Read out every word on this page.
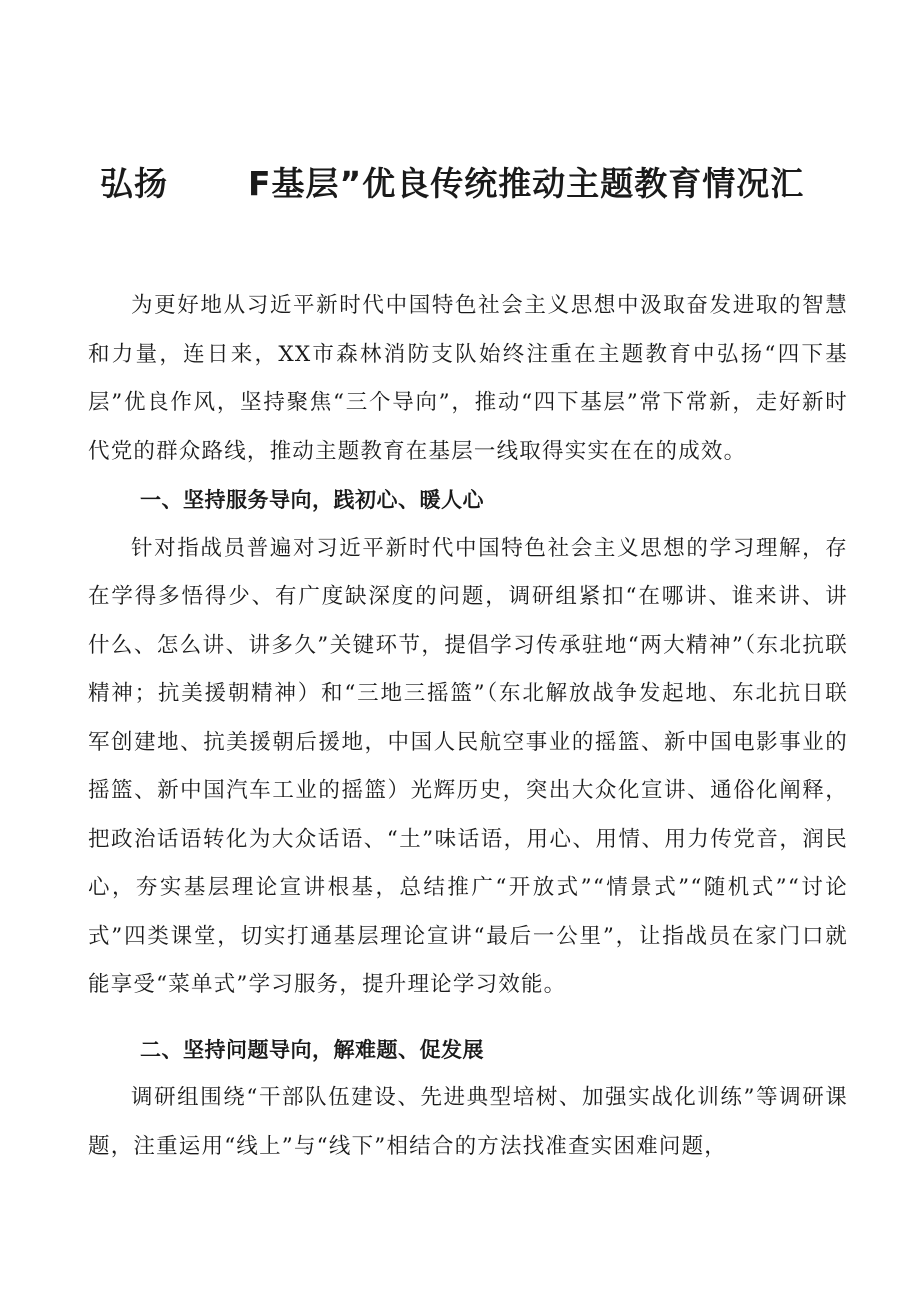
弘扬 F基层”优良传统推动主题教育情况汇

为更好地从习近平新时代中国特色社会主义思想中汲取奋发进取的智慧和力量，连日来，XX市森林消防支队始终注重在主题教育中弘扬“四下基层”优良作风，坚持聚焦“三个导向”，推动“四下基层”常下常新，走好新时代党的群众路线，推动主题教育在基层一线取得实实在在的成效。

一、坚持服务导向，践初心、暖人心

针对指战员普遍对习近平新时代中国特色社会主义思想的学习理解，存在学得多悟得少、有广度缺深度的问题，调研组紧扣“在哪讲、谁来讲、讲什么、怎么讲、讲多久”关键环节，提倡学习传承驻地“两大精神”（东北抗联精神；抗美援朝精神）和“三地三摇篮”（东北解放战争发起地、东北抗日联军创建地、抗美援朝后援地，中国人民航空事业的摇篮、新中国电影事业的摇篮、新中国汽车工业的摇篮）光辉历史，突出大众化宣讲、通俗化阐释，把政治话语转化为大众话语、“土”味话语，用心、用情、用力传党音，润民心，夯实基层理论宣讲根基，总结推广“开放式”“情景式”“随机式”“讨论式”四类课堂，切实打通基层理论宣讲“最后一公里”，让指战员在家门口就能享受“菜单式”学习服务，提升理论学习效能。

二、坚持问题导向，解难题、促发展

调研组围绕“干部队伍建设、先进典型培树、加强实战化训练”等调研课题，注重运用“线上”与“线下”相结合的方法找准查实困难问题，
